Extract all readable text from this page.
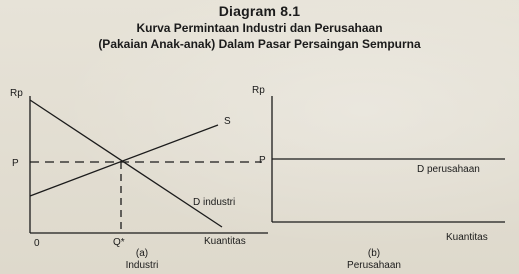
Diagram 8.1
Kurva Permintaan Industri dan Perusahaan
(Pakaian Anak-anak) Dalam Pasar Persaingan Sempurna
Rp
P
0	Q*	Kuantitas
S
D industri
(a)
Industri
Rp
P
D perusahaan
Kuantitas
(b)
Perusahaan
